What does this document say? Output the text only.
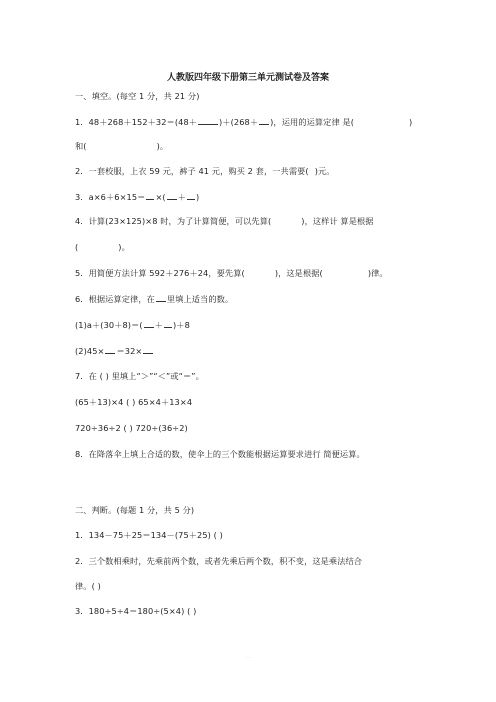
人教版四年级下册第三单元测试卷及答案
一、填空。(每空 1 分，共 21 分)
1．48＋268＋152＋32＝(48＋	)＋(268＋ )，运用的运算定律 是(	)
和(	)。
2．一套校服，上衣 59 元，裤子 41 元，购买 2 套，一共需要( )元。
3．a×6＋6×15＝ ×( ＋ )
4．计算(23×125)×8 时，为了计算简便，可以先算(	)，这样计 算是根据
(	)。
5．用简便方法计算 592＋276＋24，要先算(	)，这是根据(	)律。
6．根据运算定律，在 里填上适当的数。
(1)a＋(30＋8)＝( ＋ )＋8
(2)45× ＝32×
7．在 ( ) 里填上“＞”“＜”或“＝”。
(65＋13)×4 ( ) 65×4＋13×4
720÷36÷2 ( ) 720÷(36÷2)
8．在降落伞上填上合适的数，使伞上的三个数能根据运算要求进行 简便运算。
二、判断。(每题 1 分，共 5 分)
1．134－75＋25＝134－(75＋25) ( )
2．三个数相乘时，先乘前两个数，或者先乘后两个数，积不变，这是乘法结合
律。( )
3．180÷5÷4＝180÷(5×4) ( )
· · ·
